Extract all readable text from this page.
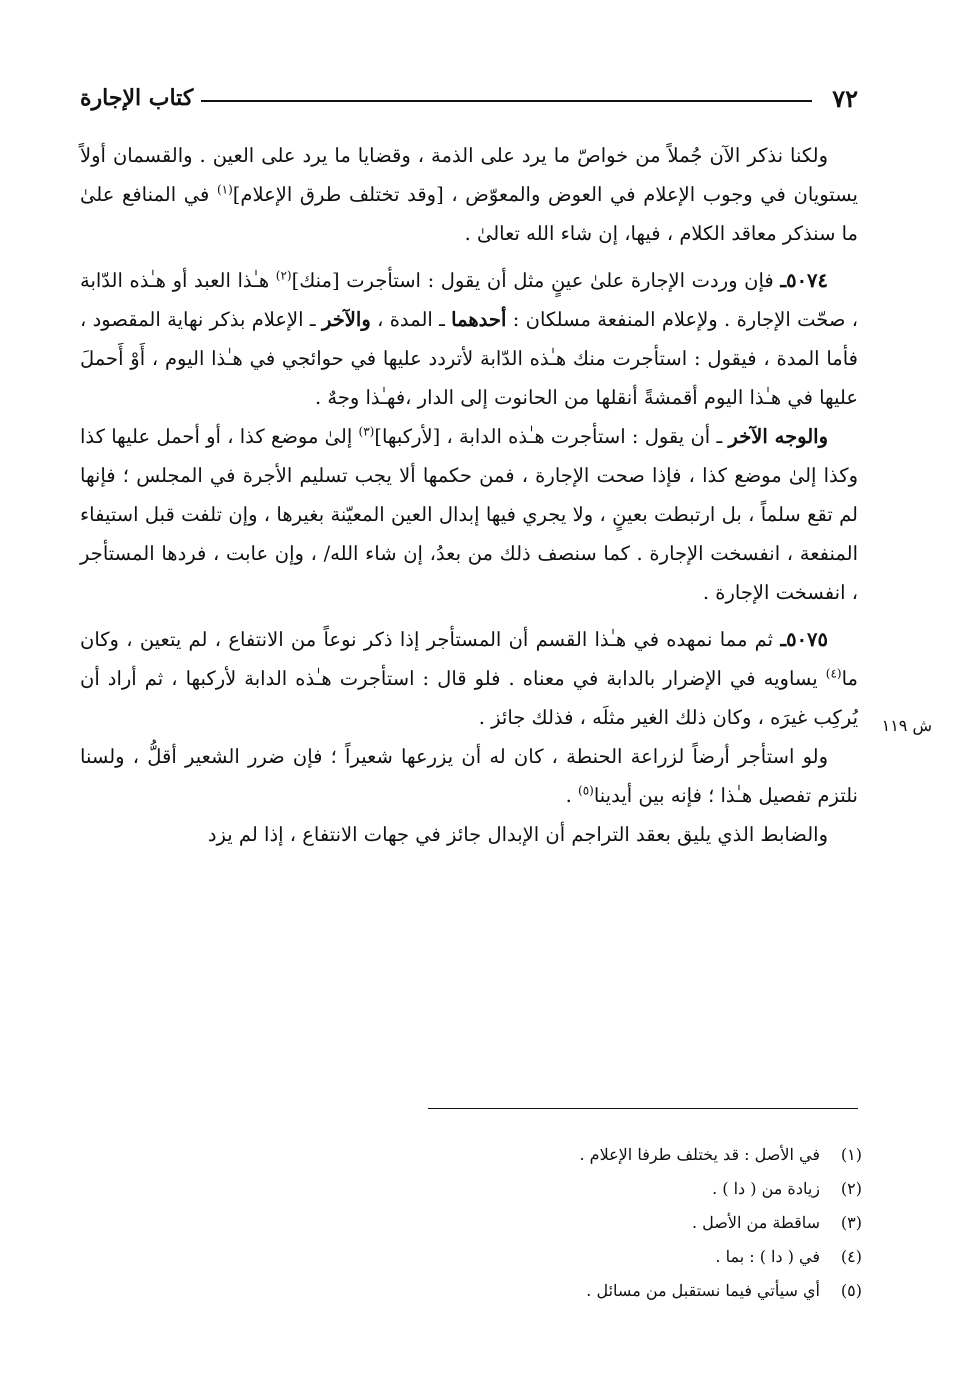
٧٢
كتاب الإجارة

ولكنا نذكر الآن جُملاً من خواصّ ما يرد على الذمة ، وقضايا ما يرد على العين . والقسمان أولاً يستويان في وجوب الإعلام في العوض والمعوّض ، [وقد تختلف طرق الإعلام]$^{(١)}$ في المنافع علىٰ ما سنذكر معاقد الكلام ، فيها، إن شاء الله تعالىٰ .

٥٠٧٤ـ فإن وردت الإجارة علىٰ عينٍ مثل أن يقول : استأجرت [منك]$^{(٢)}$ هـٰذا العبد أو هـٰذه الدّابة ، صحّت الإجارة . ولإعلام المنفعة مسلكان : أحدهما ـ المدة ، والآخر ـ الإعلام بذكر نهاية المقصود ، فأما المدة ، فيقول : استأجرت منك هـٰذه الدّابة لأتردد عليها في حوائجي في هـٰذا اليوم ، أَوْ أَحملَ عليها في هـٰذا اليوم أقمشةً أنقلها من الحانوت إلى الدار ،فهـٰذا وجهٌ .

والوجه الآخر ـ أن يقول : استأجرت هـٰذه الدابة ، [لأركبها]$^{(٣)}$ إلىٰ موضع كذا ، أو أحمل عليها كذا وكذا إلىٰ موضع كذا ، فإذا صحت الإجارة ، فمن حكمها ألا يجب تسليم الأجرة في المجلس ؛ فإنها لم تقع سلماً ، بل ارتبطت بعينٍ ، ولا يجري فيها إبدال العين المعيّنة بغيرها ، وإن تلفت قبل استيفاء المنفعة ، انفسخت الإجارة . كما سنصف ذلك من بعدُ، إن شاء الله/ ، وإن عابت ، فردها المستأجر ، انفسخت الإجارة .

٥٠٧٥ـ ثم مما نمهده في هـٰذا القسم أن المستأجر إذا ذكر نوعاً من الانتفاع ، لم يتعين ، وكان ما$^{(٤)}$ يساويه في الإضرار بالدابة في معناه . فلو قال : استأجرت هـٰذه الدابة لأركبها ، ثم أراد أن يُركِب غيرَه ، وكان ذلك الغير مثلَه ، فذلك جائز .

ولو استأجر أرضاً لزراعة الحنطة ، كان له أن يزرعها شعيراً ؛ فإن ضرر الشعير أقلُّ ، ولسنا نلتزم تفصيل هـٰذا ؛ فإنه بين أيدينا$^{(٥)}$ .

والضابط الذي يليق بعقد التراجم أن الإبدال جائز في جهات الانتفاع ، إذا لم يزد

ش ١١٩
(١)
في الأصل : قد يختلف طرفا الإعلام .
(٢)
زيادة من ( دا ) .
(٣)
ساقطة من الأصل .
(٤)
في ( دا ) : بما .
(٥)
أي سيأتي فيما نستقبل من مسائل .
